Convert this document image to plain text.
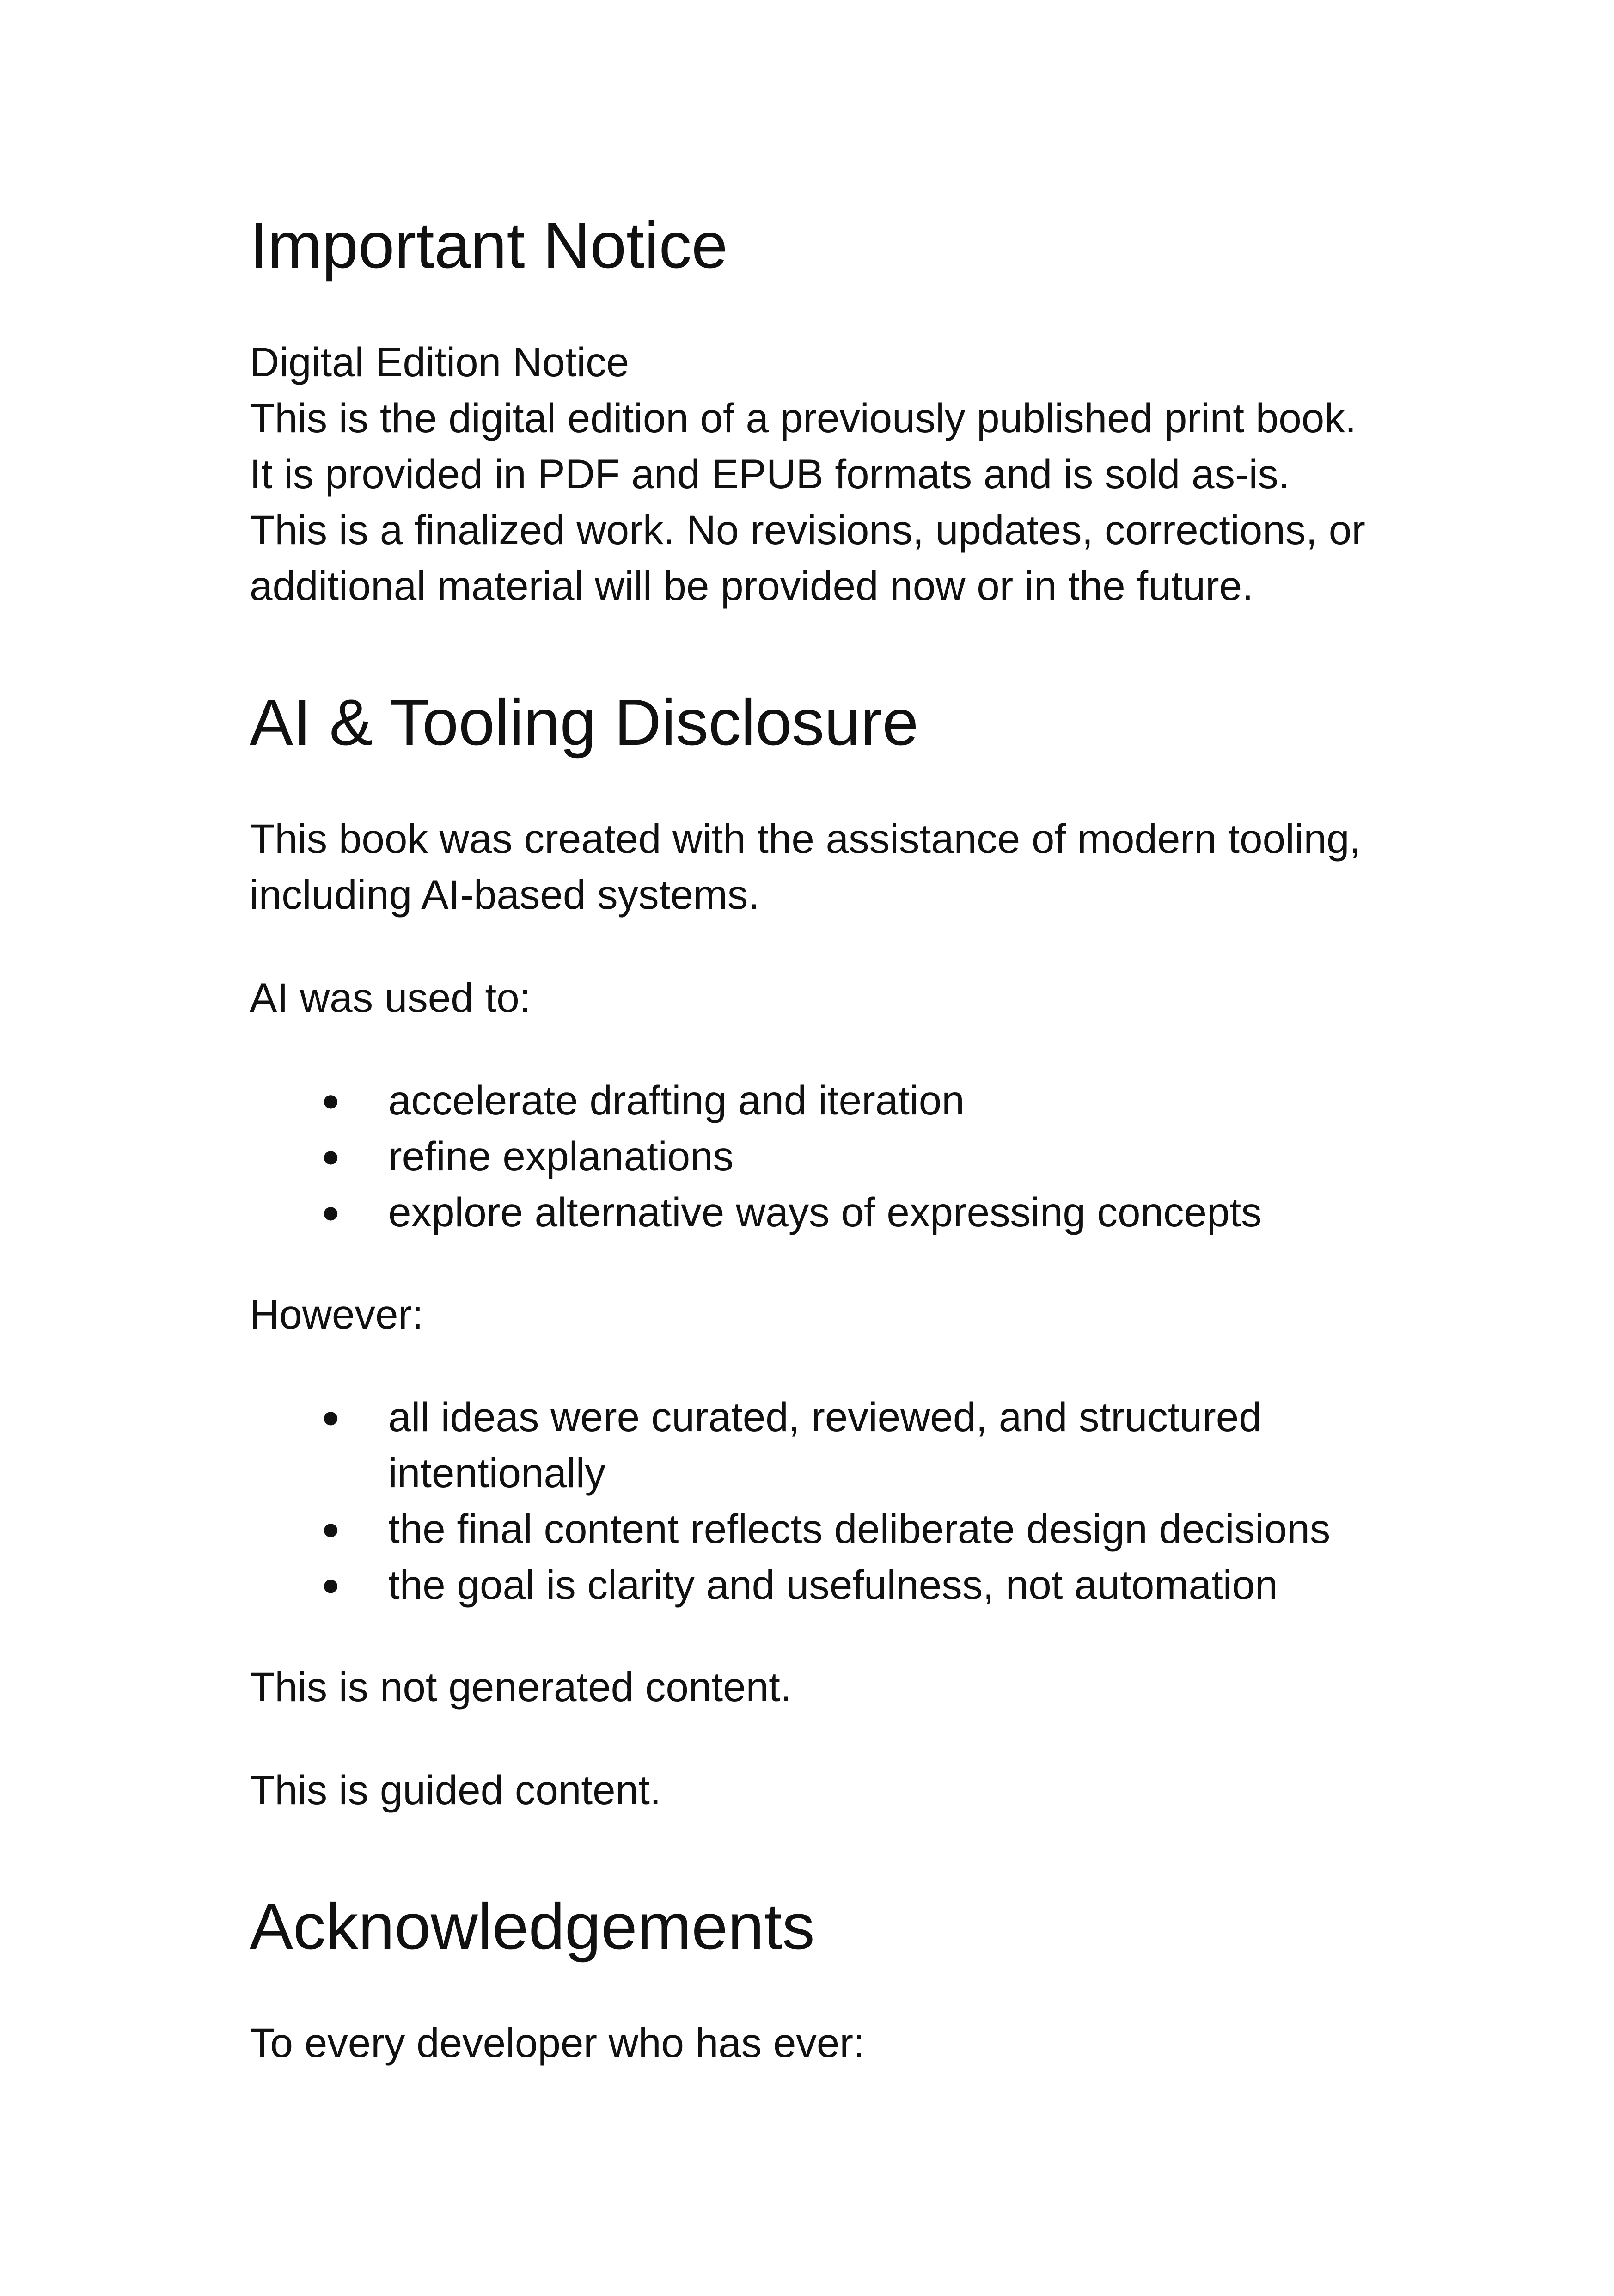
Important Notice
Digital Edition Notice
This is the digital edition of a previously published print book.
It is provided in PDF and EPUB formats and is sold as-is.
This is a finalized work. No revisions, updates, corrections, or
additional material will be provided now or in the future.
AI & Tooling Disclosure
This book was created with the assistance of modern tooling,
including AI-based systems.
AI was used to:
● accelerate drafting and iteration
● refine explanations
● explore alternative ways of expressing concepts
However:
● all ideas were curated, reviewed, and structured
intentionally
● the final content reflects deliberate design decisions
● the goal is clarity and usefulness, not automation
This is not generated content.
This is guided content.
Acknowledgements
To every developer who has ever:
